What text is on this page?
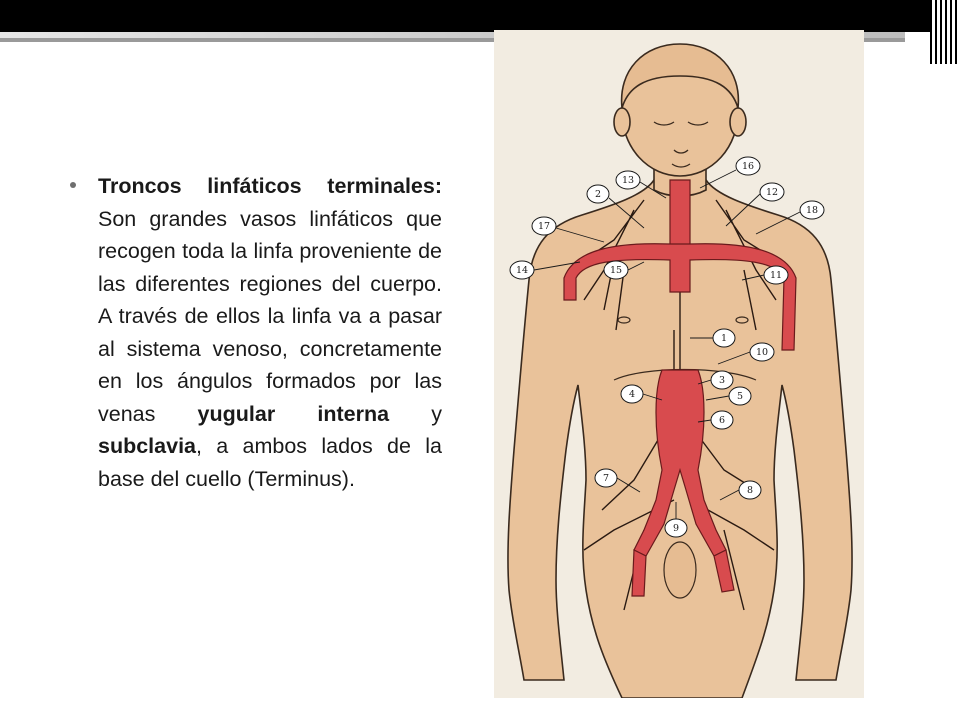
Troncos linfáticos terminales: Son grandes vasos linfáticos que recogen toda la linfa proveniente de las diferentes regiones del cuerpo. A través de ellos la linfa va a pasar al sistema venoso, concretamente en los ángulos formados por las venas yugular interna y subclavia, a ambos lados de la base del cuello (Terminus).
13
16
2	12
17
18
14	15	11
1
10
3
4	5
6
7
8
9
